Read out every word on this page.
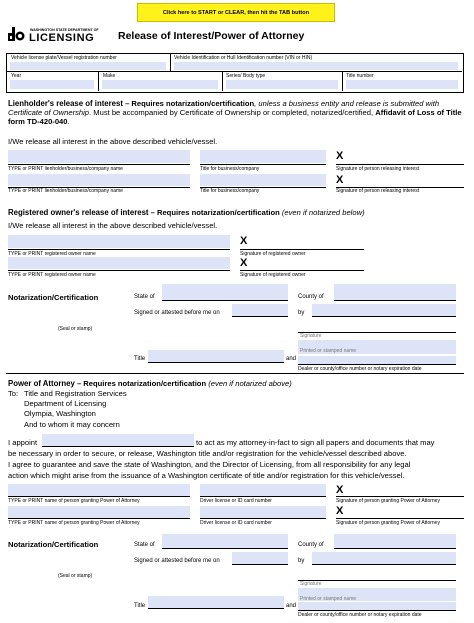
Click here to START or CLEAR, then hit the TAB button
WASHINGTON STATE DEPARTMENT OF
LICENSING Release of Interest/Power of Attorney
Vehicle license plate/Vessel registration number	Vehicle Identification or Hull Identification number (VIN or HIN)
Year	Make	Series/ Body type	Title number
Lienholder's release of interest – Requires notarization/certification, unless a business entity and release is submitted with Certificate of Ownership. Must be accompanied by Certificate of Ownership or completed, notarized/certified, Affidavit of Loss of Title form TD-420-040.
I/We release all interest in the above described vehicle/vessel.
X
TYPE or PRINT lienholder/business/company name	Title for business/company	Signature of person releasing interest
X
TYPE or PRINT lienholder/business/company name	Title for business/company	Signature of person releasing interest
Registered owner's release of interest – Requires notarization/certification (even if notarized below)
I/We release all interest in the above described vehicle/vessel.
X
TYPE or PRINT registered owner name	Signature of registered owner
X
TYPE or PRINT registered owner name	Signature of registered owner
Notarization/Certification	State of	County of
Signed or attested before me on	by
(Seal or stamp)
Signature
Printed or stamped name
Title	and
Dealer or county/office number or notary expiration date
Power of Attorney – Requires notarization/certification (even if notarized above)
To: Title and Registration Services
Department of Licensing
Olympia, Washington
And to whom it may concern
I appoint	to act as my attorney-in-fact to sign all papers and documents that may
be necessary in order to secure, or release, Washington title and/or registration for the vehicle/vessel described above.
I agree to guarantee and save the state of Washington, and the Director of Licensing, from all responsibility for any legal
action which might arise from the issuance of a Washington certificate of title and/or registration for this vehicle/vessel.
X
TYPE or PRINT name of person granting Power of Attorney	Driver license or ID card number	Signature of person granting Power of Attorney
X
TYPE or PRINT name of person granting Power of Attorney	Driver license or ID card number	Signature of person granting Power of Attorney
Notarization/Certification	State of	County of
Signed or attested before me on	by
(Seal or stamp)
Signature
Printed or stamped name
Title	and
Dealer or county/office number or notary expiration date
